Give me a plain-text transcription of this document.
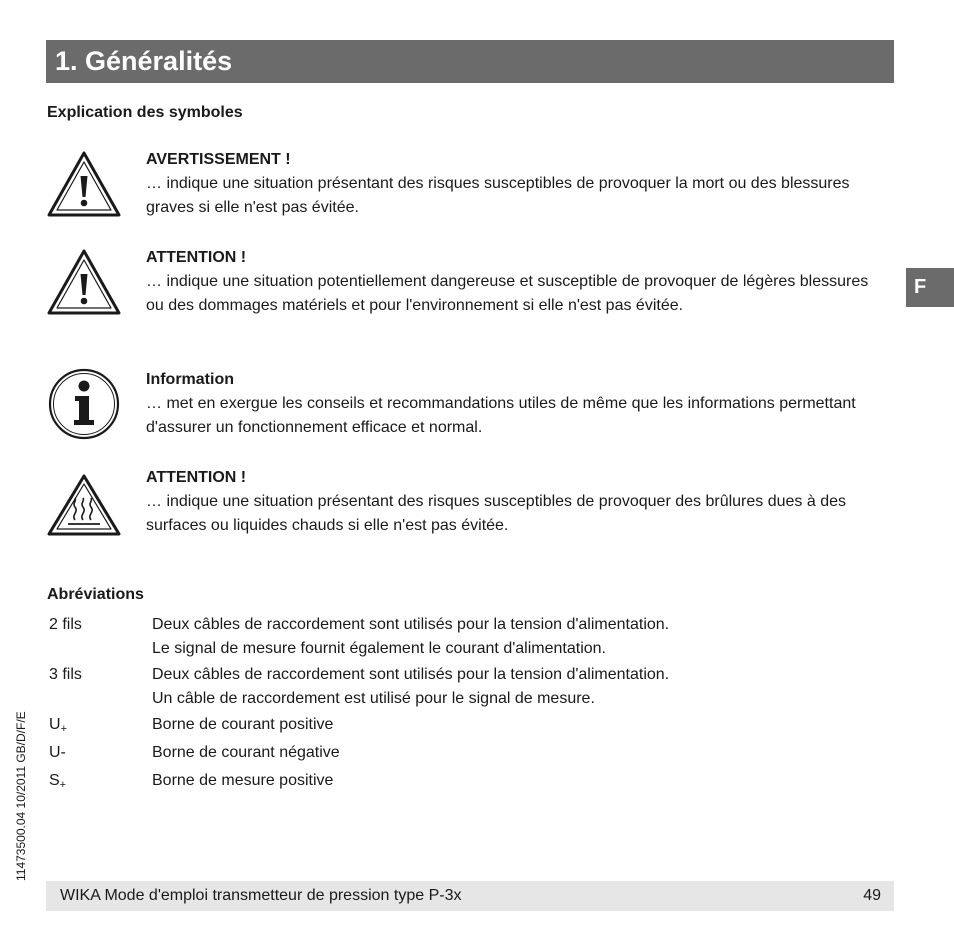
1. Généralités
Explication des symboles
AVERTISSEMENT !
… indique une situation présentant des risques susceptibles de provoquer la mort ou des blessures graves si elle n'est pas évitée.
ATTENTION !
… indique une situation potentiellement dangereuse et susceptible de provoquer de légères blessures ou des dommages matériels et pour l'environnement si elle n'est pas évitée.
Information
… met en exergue les conseils et recommandations utiles de même que les informations permettant d'assurer un fonctionnement efficace et normal.
ATTENTION !
… indique une situation présentant des risques susceptibles de provoquer des brûlures dues à des surfaces ou liquides chauds si elle n'est pas évitée.
Abréviations
2 fils	Deux câbles de raccordement sont utilisés pour la tension d'alimentation.
Le signal de mesure fournit également le courant d'alimentation.
3 fils	Deux câbles de raccordement sont utilisés pour la tension d'alimentation.
Un câble de raccordement est utilisé pour le signal de mesure.
$U_+$	Borne de courant positive
U-	Borne de courant négative
$S_+$	Borne de mesure positive
F
11473500.04 10/2011 GB/D/F/E
WIKA Mode d'emploi transmetteur de pression type P-3x	49
